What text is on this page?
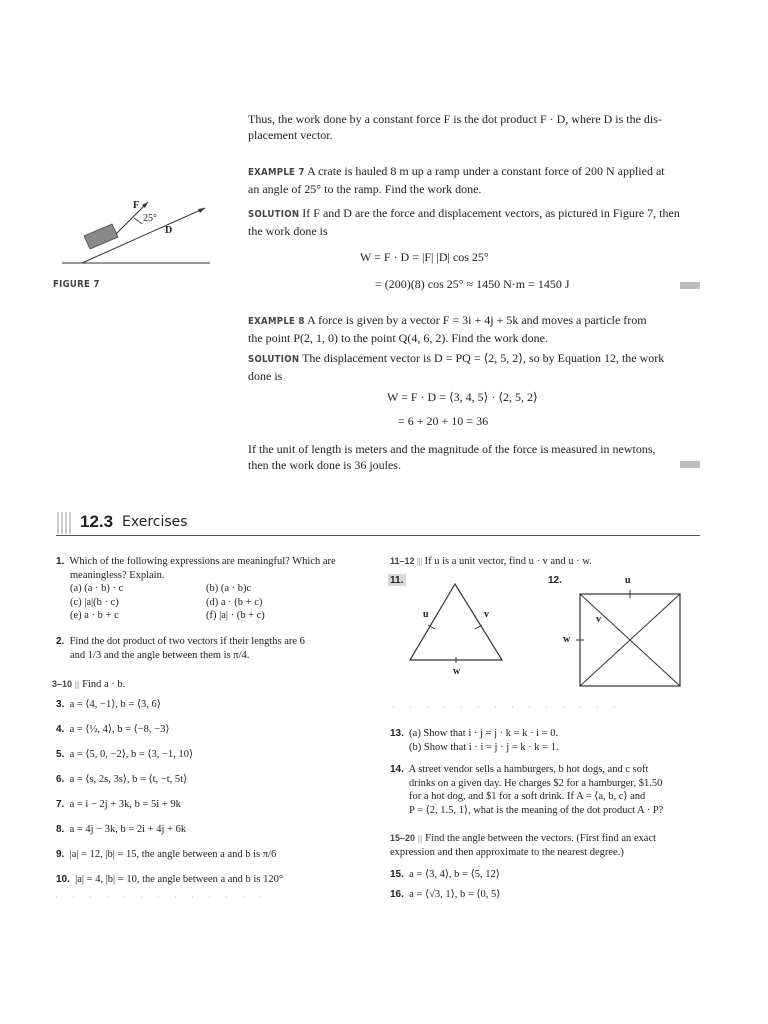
Thus, the work done by a constant force F is the dot product F · D, where D is the dis-
placement vector.
F
25°
D
FIGURE 7
EXAMPLE 7 A crate is hauled 8 m up a ramp under a constant force of 200 N applied at
an angle of 25° to the ramp. Find the work done.
SOLUTION If F and D are the force and displacement vectors, as pictured in Figure 7, then
the work done is
W = F · D = |F| |D| cos 25°
= (200)(8) cos 25° ≈ 1450 N·m = 1450 J
EXAMPLE 8 A force is given by a vector F = 3i + 4j + 5k and moves a particle from
the point P(2, 1, 0) to the point Q(4, 6, 2). Find the work done.
SOLUTION The displacement vector is D = PQ = ⟨2, 5, 2⟩, so by Equation 12, the work
done is
W = F · D = ⟨3, 4, 5⟩ · ⟨2, 5, 2⟩
= 6 + 20 + 10 = 36
If the unit of length is meters and the magnitude of the force is measured in newtons,
then the work done is 36 joules.
12.3 Exercises
1. Which of the following expressions are meaningful? Which are
meaningless? Explain.
(a) (a · b) · c	(b) (a · b)c
(c) |a|(b · c)	(d) a · (b + c)
(e) a · b + c	(f) |a| · (b + c)
2. Find the dot product of two vectors if their lengths are 6
and 1/3 and the angle between them is π/4.
3–10 ||| Find a · b.
3. a = ⟨4, −1⟩, b = ⟨3, 6⟩
4. a = ⟨½, 4⟩, b = ⟨−8, −3⟩
5. a = ⟨5, 0, −2⟩, b = ⟨3, −1, 10⟩
6. a = ⟨s, 2s, 3s⟩, b = ⟨t, −t, 5t⟩
7. a = i − 2j + 3k, b = 5i + 9k
8. a = 4j − 3k, b = 2i + 4j + 6k
9. |a| = 12, |b| = 15, the angle between a and b is π/6
10. |a| = 4, |b| = 10, the angle between a and b is 120°
·············
11–12 ||| If u is a unit vector, find u · v and u · w.
11.
u	v
w
12.	u
v
w
··············
13. (a) Show that i · j = j · k = k · i = 0.
(b) Show that i · i = j · j = k · k = 1.
14. A street vendor sells a hamburgers, b hot dogs, and c soft
drinks on a given day. He charges $2 for a hamburger, $1.50
for a hot dog, and $1 for a soft drink. If A = ⟨a, b, c⟩ and
P = ⟨2, 1.5, 1⟩, what is the meaning of the dot product A · P?
15–20 ||| Find the angle between the vectors. (First find an exact
expression and then approximate to the nearest degree.)
15. a = ⟨3, 4⟩, b = ⟨5, 12⟩
16. a = ⟨√3, 1⟩, b = ⟨0, 5⟩
